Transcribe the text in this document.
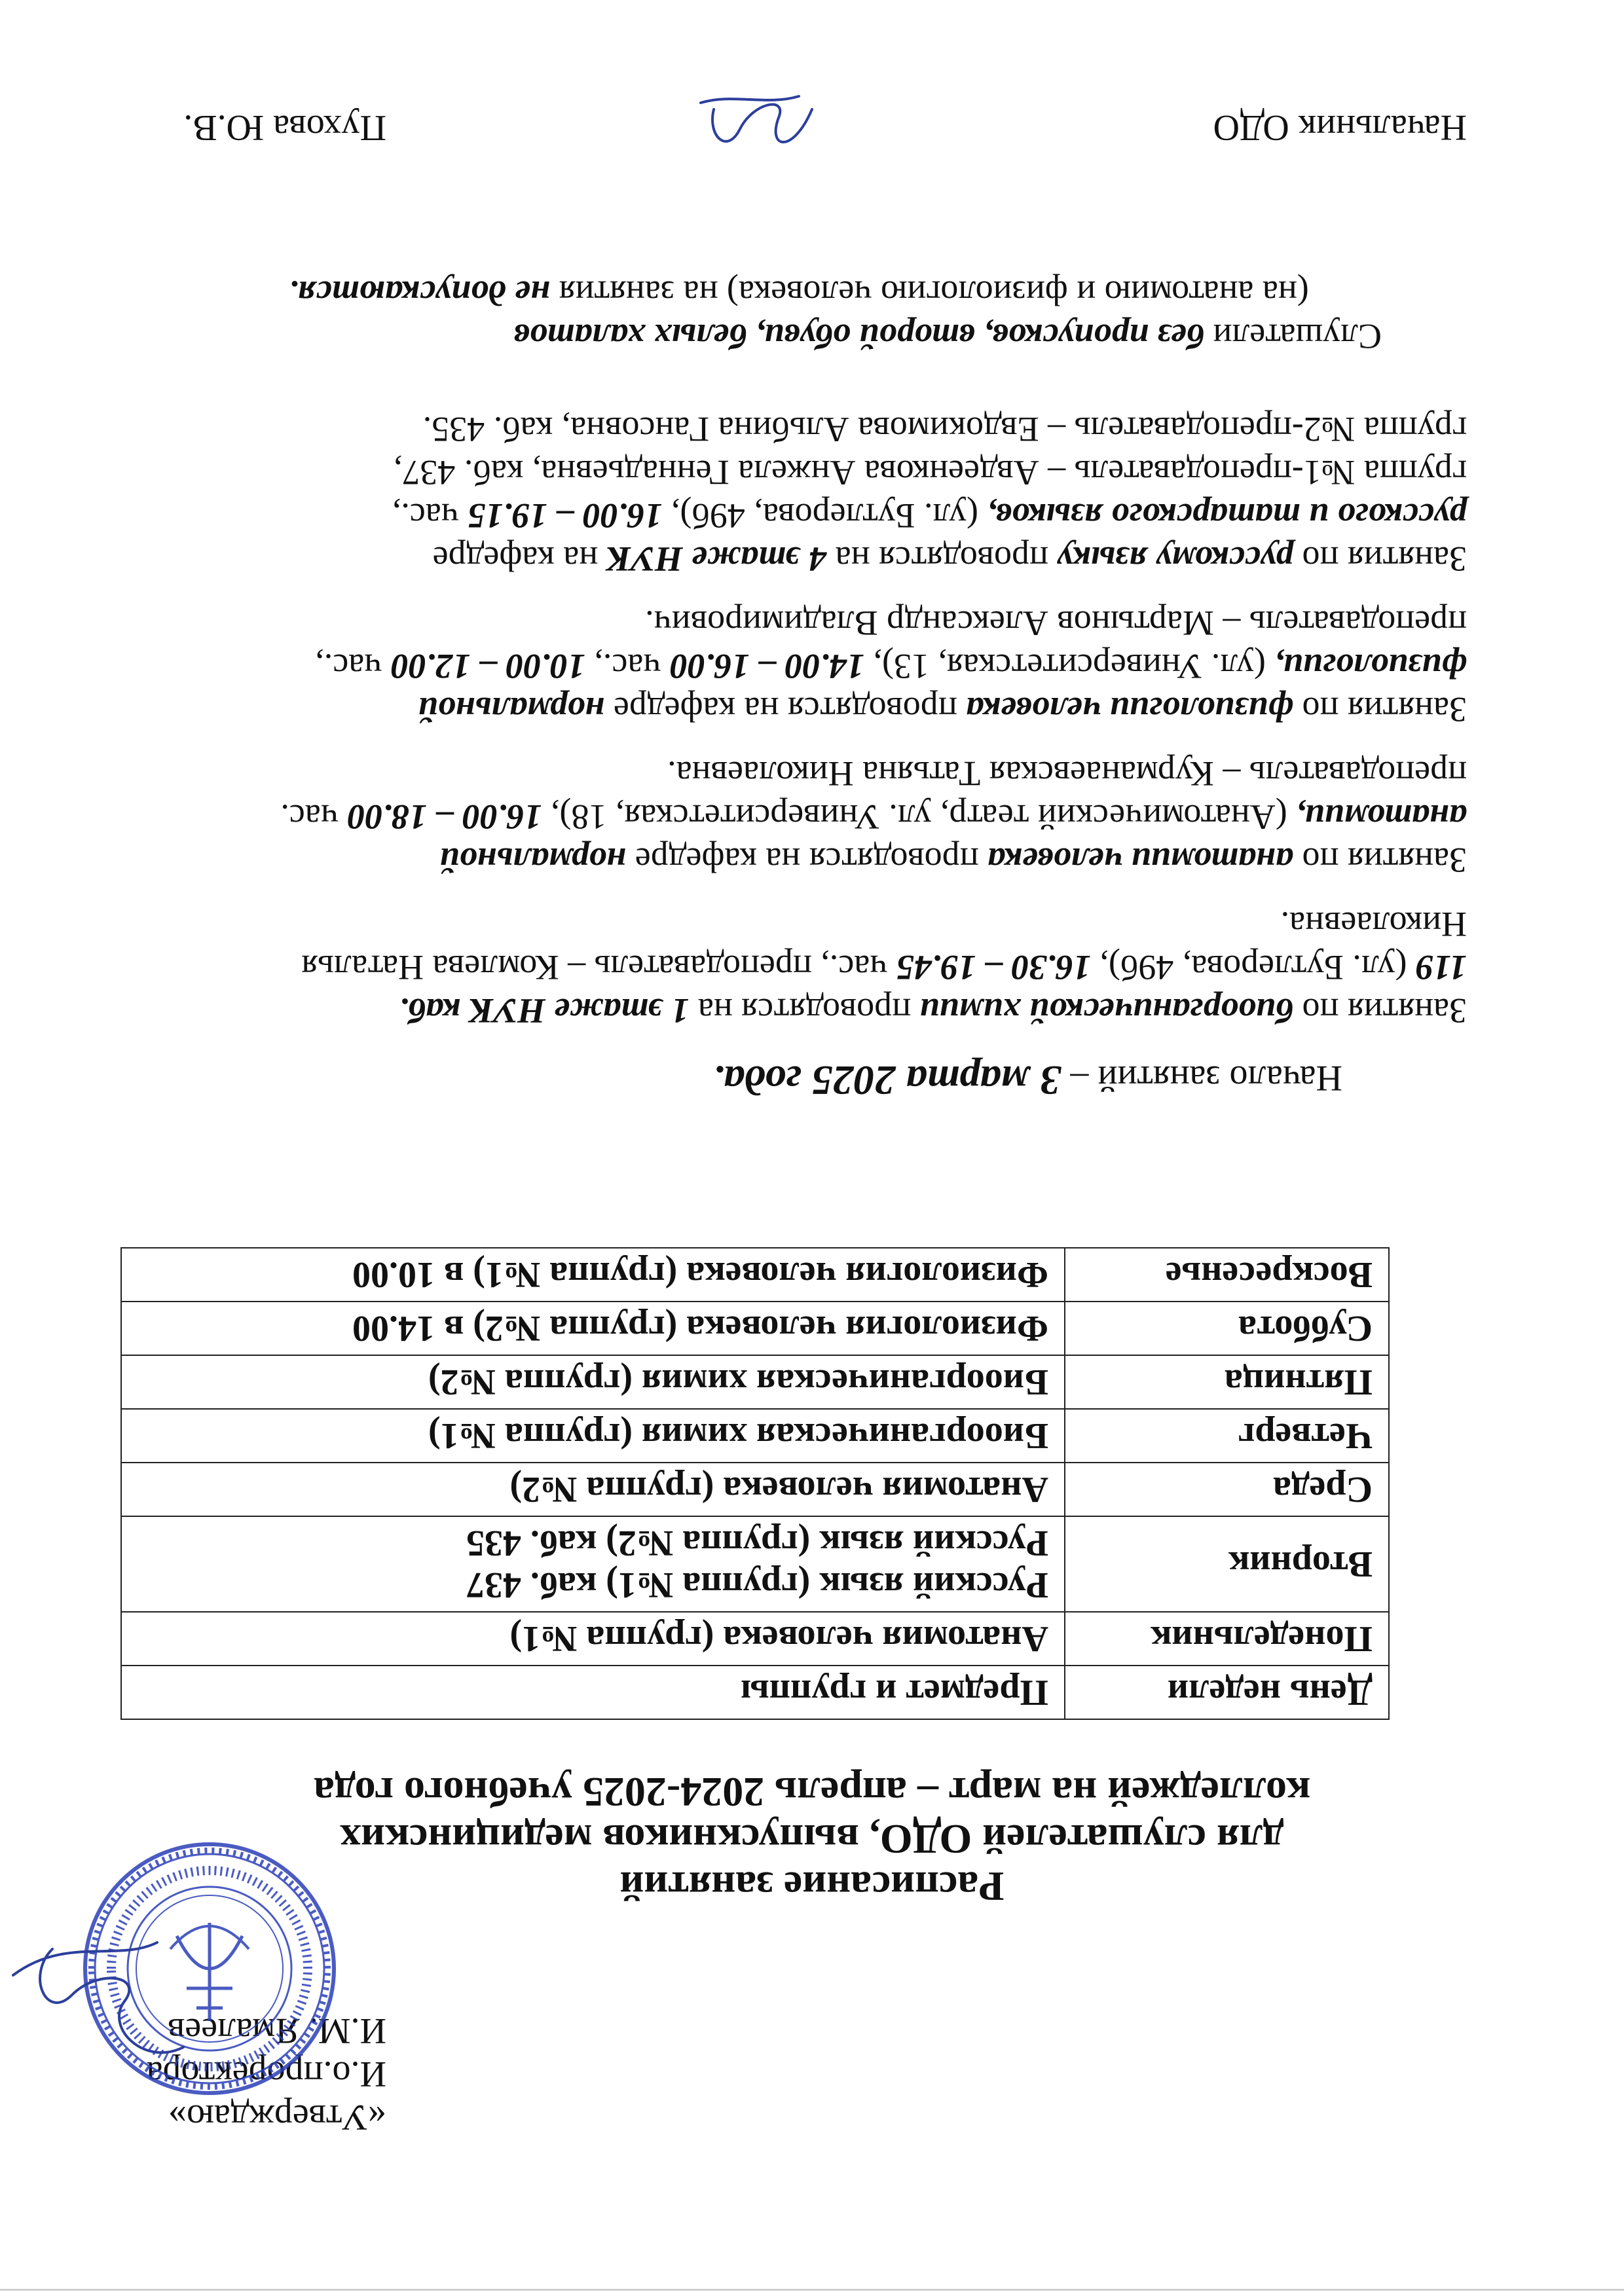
«Утверждаю»
И.о.проректора
И.М. Ямалеев
Расписание занятий
для слушателей ОДО, выпускников медицинских
колледжей на март – апрель 2024-2025 учебного года
День недели	Предмет и группы
Понедельник	Анатомия человека (группа №1)
Вторник	Русский язык (группа №1) каб. 437
Русский язык (группа №2) каб. 435

Среда	Анатомия человека (группа №2)
Четверг	Биоорганическая химия (группа №1)
Пятница	Биоорганическая химия (группа №2)
Суббота	Физиология человека (группа №2) в 14.00
Воскресенье	Физиология человека (группа №1) в 10.00
Начало занятий – 3 марта 2025 года.
Занятия по биоорганической химии проводятся на 1 этаже НУК каб.
119 (ул. Бутлерова, 49б), 16.30 – 19.45 час., преподаватель – Комлева Наталья
Николаевна.
Занятия по анатомии человека проводятся на кафедре нормальной
анатомии, (Анатомический театр, ул. Университетская, 18), 16.00 – 18.00 час.
преподаватель – Курманаевская Татьяна Николаевна.
Занятия по физиологии человека проводятся на кафедре нормальной
физиологии, (ул. Университетская, 13), 14.00 – 16.00 час., 10.00 – 12.00 час.,
преподаватель – Мартынов Александр Владимирович.
Занятия по русскому языку проводятся на 4 этаже НУК на кафедре
русского и татарского языков, (ул. Бутлерова, 49б), 16.00 – 19.15 час.,
группа №1-преподаватель – Авдеенкова Анжела Геннадьевна, каб. 437,
группа №2-преподаватель – Евдокимова Альбина Гансовна, каб. 435.
Слушатели без пропусков, второй обуви, белых халатов
(на анатомию и физиологию человека) на занятия не допускаются.
Начальник ОДО
Пухова Ю.В.
